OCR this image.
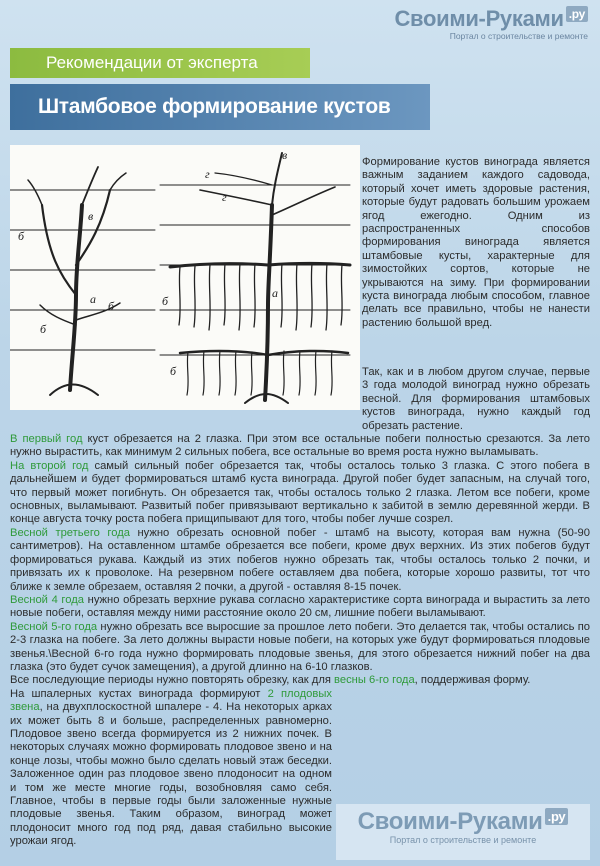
Своими-Руками .ру
Портал о строительстве и ремонте
Рекомендации от эксперта
Штамбовое формирование кустов
в
б
а б
б
в
г
г
а
б
б

Формирование кустов винограда является важным заданием каждого садовода, который хочет иметь здоровые растения, которые будут радовать большим урожаем ягод ежегодно. Одним из распространенных способов формирования винограда является штамбовые кусты, характерные для зимостойких сортов, которые не укрываются на зиму. При формировании куста винограда любым способом, главное делать все правильно, чтобы не нанести растению большой вред.

Так, как и в любом другом случае, первые 3 года молодой виноград нужно обрезать весной. Для формирования штамбовых кустов винограда, нужно каждый год обрезать растение.

В первый год куст обрезается на 2 глазка. При этом все остальные побеги полностью срезаются. За лето нужно вырастить, как минимум 2 сильных побега, все остальные во время роста нужно выламывать.

На второй год самый сильный побег обрезается так, чтобы осталось только 3 глазка. С этого побега в дальнейшем и будет формироваться штамб куста винограда. Другой побег будет запасным, на случай того, что первый может погибнуть. Он обрезается так, чтобы осталось только 2 глазка. Летом все побеги, кроме основных, выламывают. Развитый побег привязывают вертикально к забитой в землю деревянной жерди. В конце августа точку роста побега прищипывают для того, чтобы побег лучше созрел.

Весной третьего года нужно обрезать основной побег - штамб на высоту, которая вам нужна (50-90 сантиметров). На оставленном штамбе обрезается все побеги, кроме двух верхних. Из этих побегов будут формироваться рукава. Каждый из этих побегов нужно обрезать так, чтобы осталось только 2 почки, и привязать их к проволоке. На резервном побеге оставляем два побега, которые хорошо развиты, тот что ближе к земле обрезаем, оставляя 2 почки, а другой - оставляя 8-15 почек.

Весной 4 года нужно обрезать верхние рукава согласно характеристике сорта винограда и вырастить за лето новые побеги, оставляя между ними расстояние около 20 см, лишние побеги выламывают.

Весной 5-го года нужно обрезать все выросшие за прошлое лето побеги. Это делается так, чтобы остались по 2-3 глазка на побеге. За лето должны вырасти новые побеги, на которых уже будут формироваться плодовые звенья.\Весной 6-го года нужно формировать плодовые звенья, для этого обрезается нижний побег на два глазка (это будет сучок замещения), а другой длинно на 6-10 глазков.

Все последующие периоды нужно повторять обрезку, как для весны 6-го года, поддерживая форму.

На шпалерных кустах винограда формируют 2 плодовых звена, на двухплоскостной шпалере - 4. На некоторых арках их может быть 8 и больше, распределенных равномерно. Плодовое звено всегда формируется из 2 нижних почек. В некоторых случаях можно формировать плодовое звено и на конце лозы, чтобы можно было сделать новый этаж беседки. Заложенное один раз плодовое звено плодоносит на одном и том же месте многие годы, возобновляя само себя. Главное, чтобы в первые годы были заложенные нужные плодовые звенья. Таким образом, виноград может плодоносит много год под ряд, давая стабильно высокие урожаи ягод.

Своими-Руками .ру
Портал о строительстве и ремонте
